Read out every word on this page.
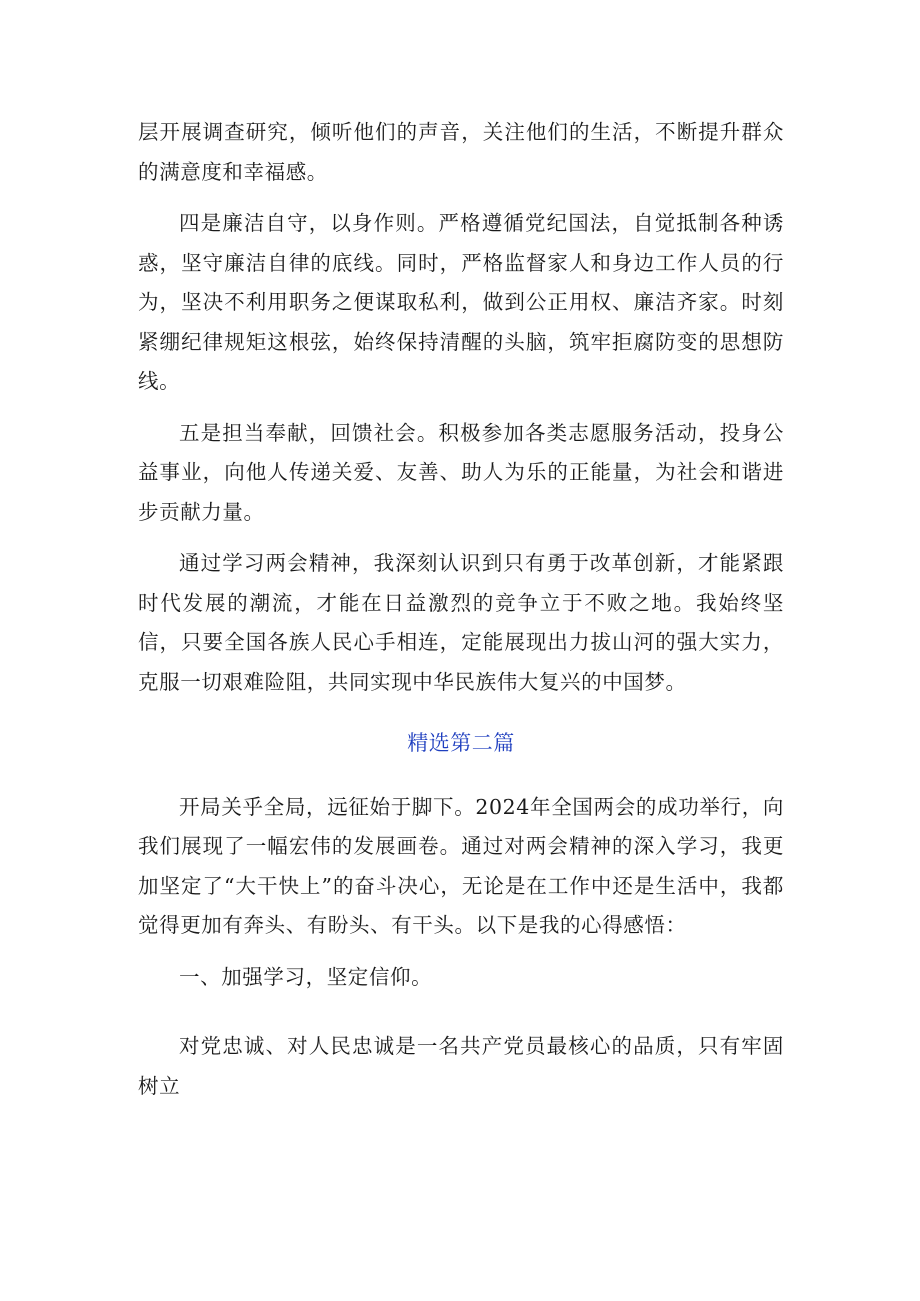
层开展调查研究，倾听他们的声音，关注他们的生活，不断提升群众的满意度和幸福感。

四是廉洁自守，以身作则。严格遵循党纪国法，自觉抵制各种诱惑，坚守廉洁自律的底线。同时，严格监督家人和身边工作人员的行为，坚决不利用职务之便谋取私利，做到公正用权、廉洁齐家。时刻紧绷纪律规矩这根弦，始终保持清醒的头脑，筑牢拒腐防变的思想防线。

五是担当奉献，回馈社会。积极参加各类志愿服务活动，投身公益事业，向他人传递关爱、友善、助人为乐的正能量，为社会和谐进步贡献力量。

通过学习两会精神，我深刻认识到只有勇于改革创新，才能紧跟时代发展的潮流，才能在日益激烈的竞争立于不败之地。我始终坚信，只要全国各族人民心手相连，定能展现出力拔山河的强大实力，克服一切艰难险阻，共同实现中华民族伟大复兴的中国梦。

精选第二篇

开局关乎全局，远征始于脚下。2024年全国两会的成功举行，向我们展现了一幅宏伟的发展画卷。通过对两会精神的深入学习，我更加坚定了“大干快上”的奋斗决心，无论是在工作中还是生活中，我都觉得更加有奔头、有盼头、有干头。以下是我的心得感悟：

一、加强学习，坚定信仰。

对党忠诚、对人民忠诚是一名共产党员最核心的品质，只有牢固树立
